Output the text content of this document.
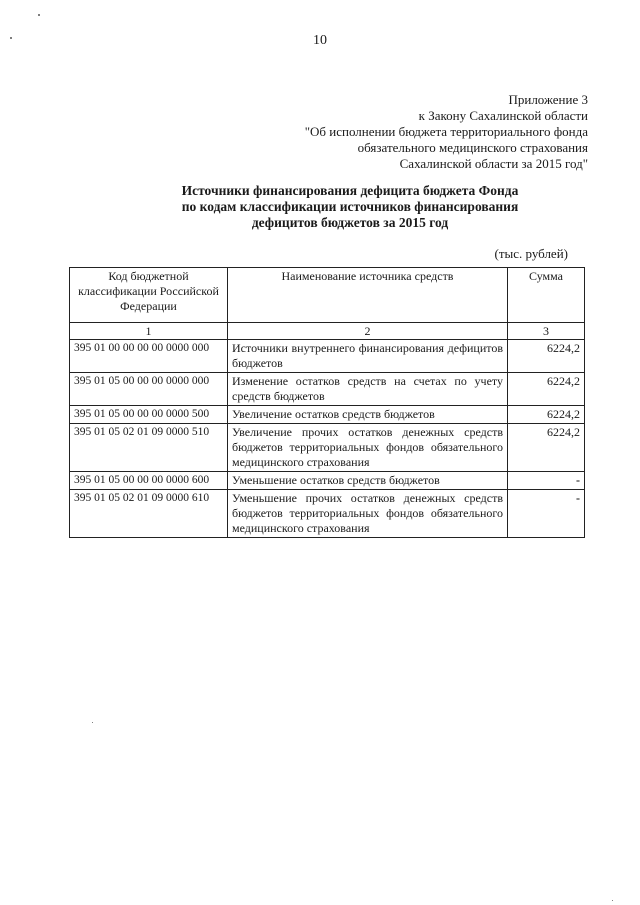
10
Приложение 3
к Закону Сахалинской области
"Об исполнении бюджета территориального фонда
обязательного медицинского страхования
Сахалинской области за 2015 год"
Источники финансирования дефицита бюджета Фонда
по кодам классификации источников финансирования
дефицитов бюджетов за 2015 год
(тыс. рублей)
Код бюджетной классификации Российской Федерации	Наименование источника средств	Сумма
1	2	3
395 01 00 00 00 00 0000 000	Источники внутреннего финансирования дефицитов бюджетов	6224,2
395 01 05 00 00 00 0000 000	Изменение остатков средств на счетах по учету средств бюджетов	6224,2
395 01 05 00 00 00 0000 500	Увеличение остатков средств бюджетов	6224,2
395 01 05 02 01 09 0000 510	Увеличение прочих остатков денежных средств бюджетов территориальных фондов обязательного медицинского страхования	6224,2
395 01 05 00 00 00 0000 600	Уменьшение остатков средств бюджетов	-
395 01 05 02 01 09 0000 610	Уменьшение прочих остатков денежных средств бюджетов территориальных фондов обязательного медицинского страхования	-
